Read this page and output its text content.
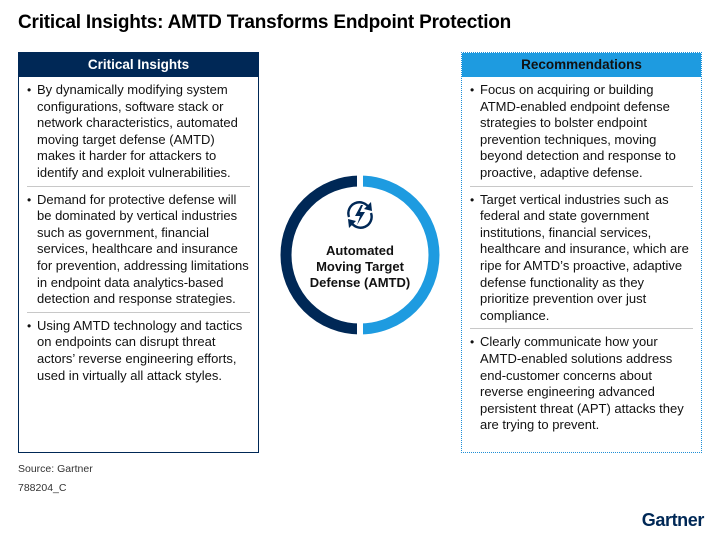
Critical Insights: AMTD Transforms Endpoint Protection
Critical Insights
• By dynamically modifying system configurations, software stack or network characteristics, automated moving target defense (AMTD) makes it harder for attackers to identify and exploit vulnerabilities.
• Demand for protective defense will be dominated by vertical industries such as government, financial services, healthcare and insurance for prevention, addressing limitations in endpoint data analytics-based detection and response strategies.
• Using AMTD technology and tactics on endpoints can disrupt threat actors’ reverse engineering efforts, used in virtually all attack styles.
Automated
Moving Target
Defense (AMTD)
Recommendations
• Focus on acquiring or building ATMD-enabled endpoint defense strategies to bolster endpoint prevention techniques, moving beyond detection and response to proactive, adaptive defense.
• Target vertical industries such as federal and state government institutions, financial services, healthcare and insurance, which are ripe for AMTD’s proactive, adaptive defense functionality as they prioritize prevention over just compliance.
• Clearly communicate how your AMTD-enabled solutions address end-customer concerns about reverse engineering advanced persistent threat (APT) attacks they are trying to prevent.
Source: Gartner
788204_C
Gartner
